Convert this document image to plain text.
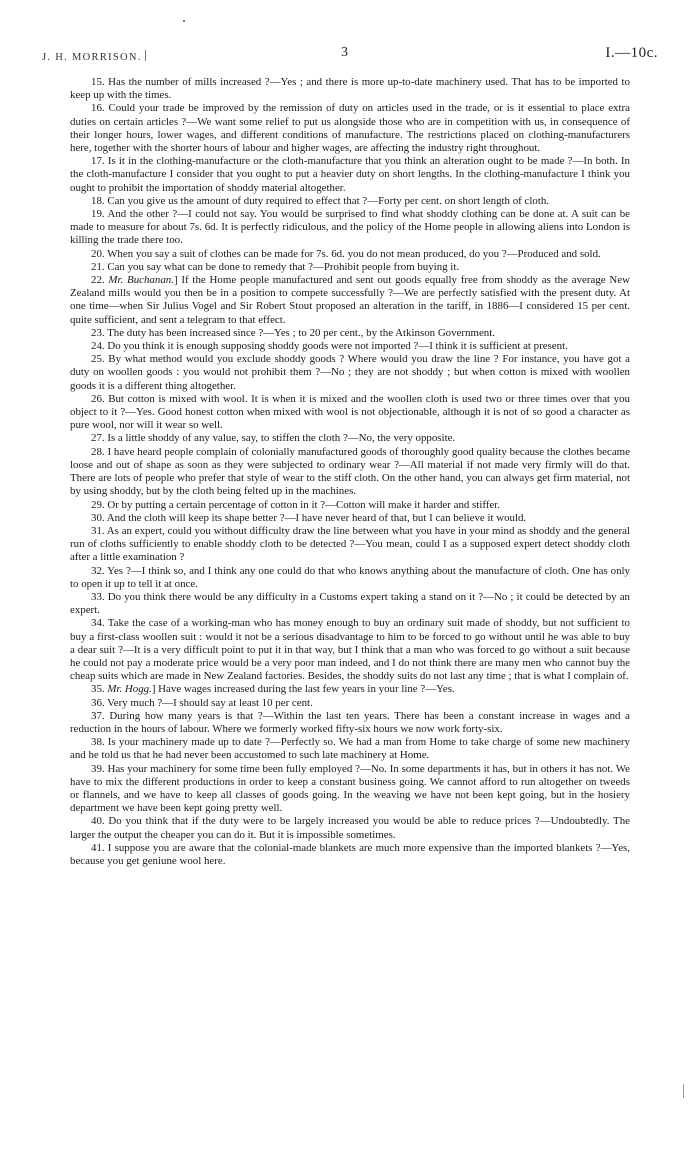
J. H. MORRISON.	3	I.—10c.

15. Has the number of mills increased ?—Yes ; and there is more up-to-date machinery used. That has to be imported to keep up with the times.

16. Could your trade be improved by the remission of duty on articles used in the trade, or is it essential to place extra duties on certain articles ?—We want some relief to put us alongside those who are in competition with us, in consequence of their longer hours, lower wages, and different conditions of manufacture. The restrictions placed on clothing-manufacturers here, together with the shorter hours of labour and higher wages, are affecting the industry right throughout.

17. Is it in the clothing-manufacture or the cloth-manufacture that you think an alteration ought to be made ?—In both. In the cloth-manufacture I consider that you ought to put a heavier duty on short lengths. In the clothing-manufacture I think you ought to prohibit the importation of shoddy material altogether.

18. Can you give us the amount of duty required to effect that ?—Forty per cent. on short length of cloth.

19. And the other ?—I could not say. You would be surprised to find what shoddy clothing can be done at. A suit can be made to measure for about 7s. 6d. It is perfectly ridiculous, and the policy of the Home people in allowing aliens into London is killing the trade there too.

20. When you say a suit of clothes can be made for 7s. 6d. you do not mean produced, do you ?—Produced and sold.

21. Can you say what can be done to remedy that ?—Prohibit people from buying it.

22. Mr. Buchanan.] If the Home people manufactured and sent out goods equally free from shoddy as the average New Zealand mills would you then be in a position to compete successfully ?—We are perfectly satisfied with the present duty. At one time—when Sir Julius Vogel and Sir Robert Stout proposed an alteration in the tariff, in 1886—I considered 15 per cent. quite sufficient, and sent a telegram to that effect.

23. The duty has been increased since ?—Yes ; to 20 per cent., by the Atkinson Government.

24. Do you think it is enough supposing shoddy goods were not imported ?—I think it is sufficient at present.

25. By what method would you exclude shoddy goods ? Where would you draw the line ? For instance, you have got a duty on woollen goods : you would not prohibit them ?—No ; they are not shoddy ; but when cotton is mixed with woollen goods it is a different thing altogether.

26. But cotton is mixed with wool. It is when it is mixed and the woollen cloth is used two or three times over that you object to it ?—Yes. Good honest cotton when mixed with wool is not objectionable, although it is not of so good a character as pure wool, nor will it wear so well.

27. Is a little shoddy of any value, say, to stiffen the cloth ?—No, the very opposite.

28. I have heard people complain of colonially manufactured goods of thoroughly good quality because the clothes became loose and out of shape as soon as they were subjected to ordinary wear ?—All material if not made very firmly will do that. There are lots of people who prefer that style of wear to the stiff cloth. On the other hand, you can always get firm material, not by using shoddy, but by the cloth being felted up in the machines.

29. Or by putting a certain percentage of cotton in it ?—Cotton will make it harder and stiffer.

30. And the cloth will keep its shape better ?—I have never heard of that, but I can believe it would.

31. As an expert, could you without difficulty draw the line between what you have in your mind as shoddy and the general run of cloths sufficiently to enable shoddy cloth to be detected ?—You mean, could I as a supposed expert detect shoddy cloth after a little examination ?

32. Yes ?—I think so, and I think any one could do that who knows anything about the manufacture of cloth. One has only to open it up to tell it at once.

33. Do you think there would be any difficulty in a Customs expert taking a stand on it ?—No ; it could be detected by an expert.

34. Take the case of a working-man who has money enough to buy an ordinary suit made of shoddy, but not sufficient to buy a first-class woollen suit : would it not be a serious disadvantage to him to be forced to go without until he was able to buy a dear suit ?—It is a very difficult point to put it in that way, but I think that a man who was forced to go without a suit because he could not pay a moderate price would be a very poor man indeed, and I do not think there are many men who cannot buy the cheap suits which are made in New Zealand factories. Besides, the shoddy suits do not last any time ; that is what I complain of.

35. Mr. Hogg.] Have wages increased during the last few years in your line ?—Yes.

36. Very much ?—I should say at least 10 per cent.

37. During how many years is that ?—Within the last ten years. There has been a constant increase in wages and a reduction in the hours of labour. Where we formerly worked fifty-six hours we now work forty-six.

38. Is your machinery made up to date ?—Perfectly so. We had a man from Home to take charge of some new machinery and he told us that he had never been accustomed to such late machinery at Home.

39. Has your machinery for some time been fully employed ?—No. In some departments it has, but in others it has not. We have to mix the different productions in order to keep a constant business going. We cannot afford to run altogether on tweeds or flannels, and we have to keep all classes of goods going. In the weaving we have not been kept going, but in the hosiery department we have been kept going pretty well.

40. Do you think that if the duty were to be largely increased you would be able to reduce prices ?—Undoubtedly. The larger the output the cheaper you can do it. But it is impossible sometimes.

41. I suppose you are aware that the colonial-made blankets are much more expensive than the imported blankets ?—Yes, because you get geniune wool here.
